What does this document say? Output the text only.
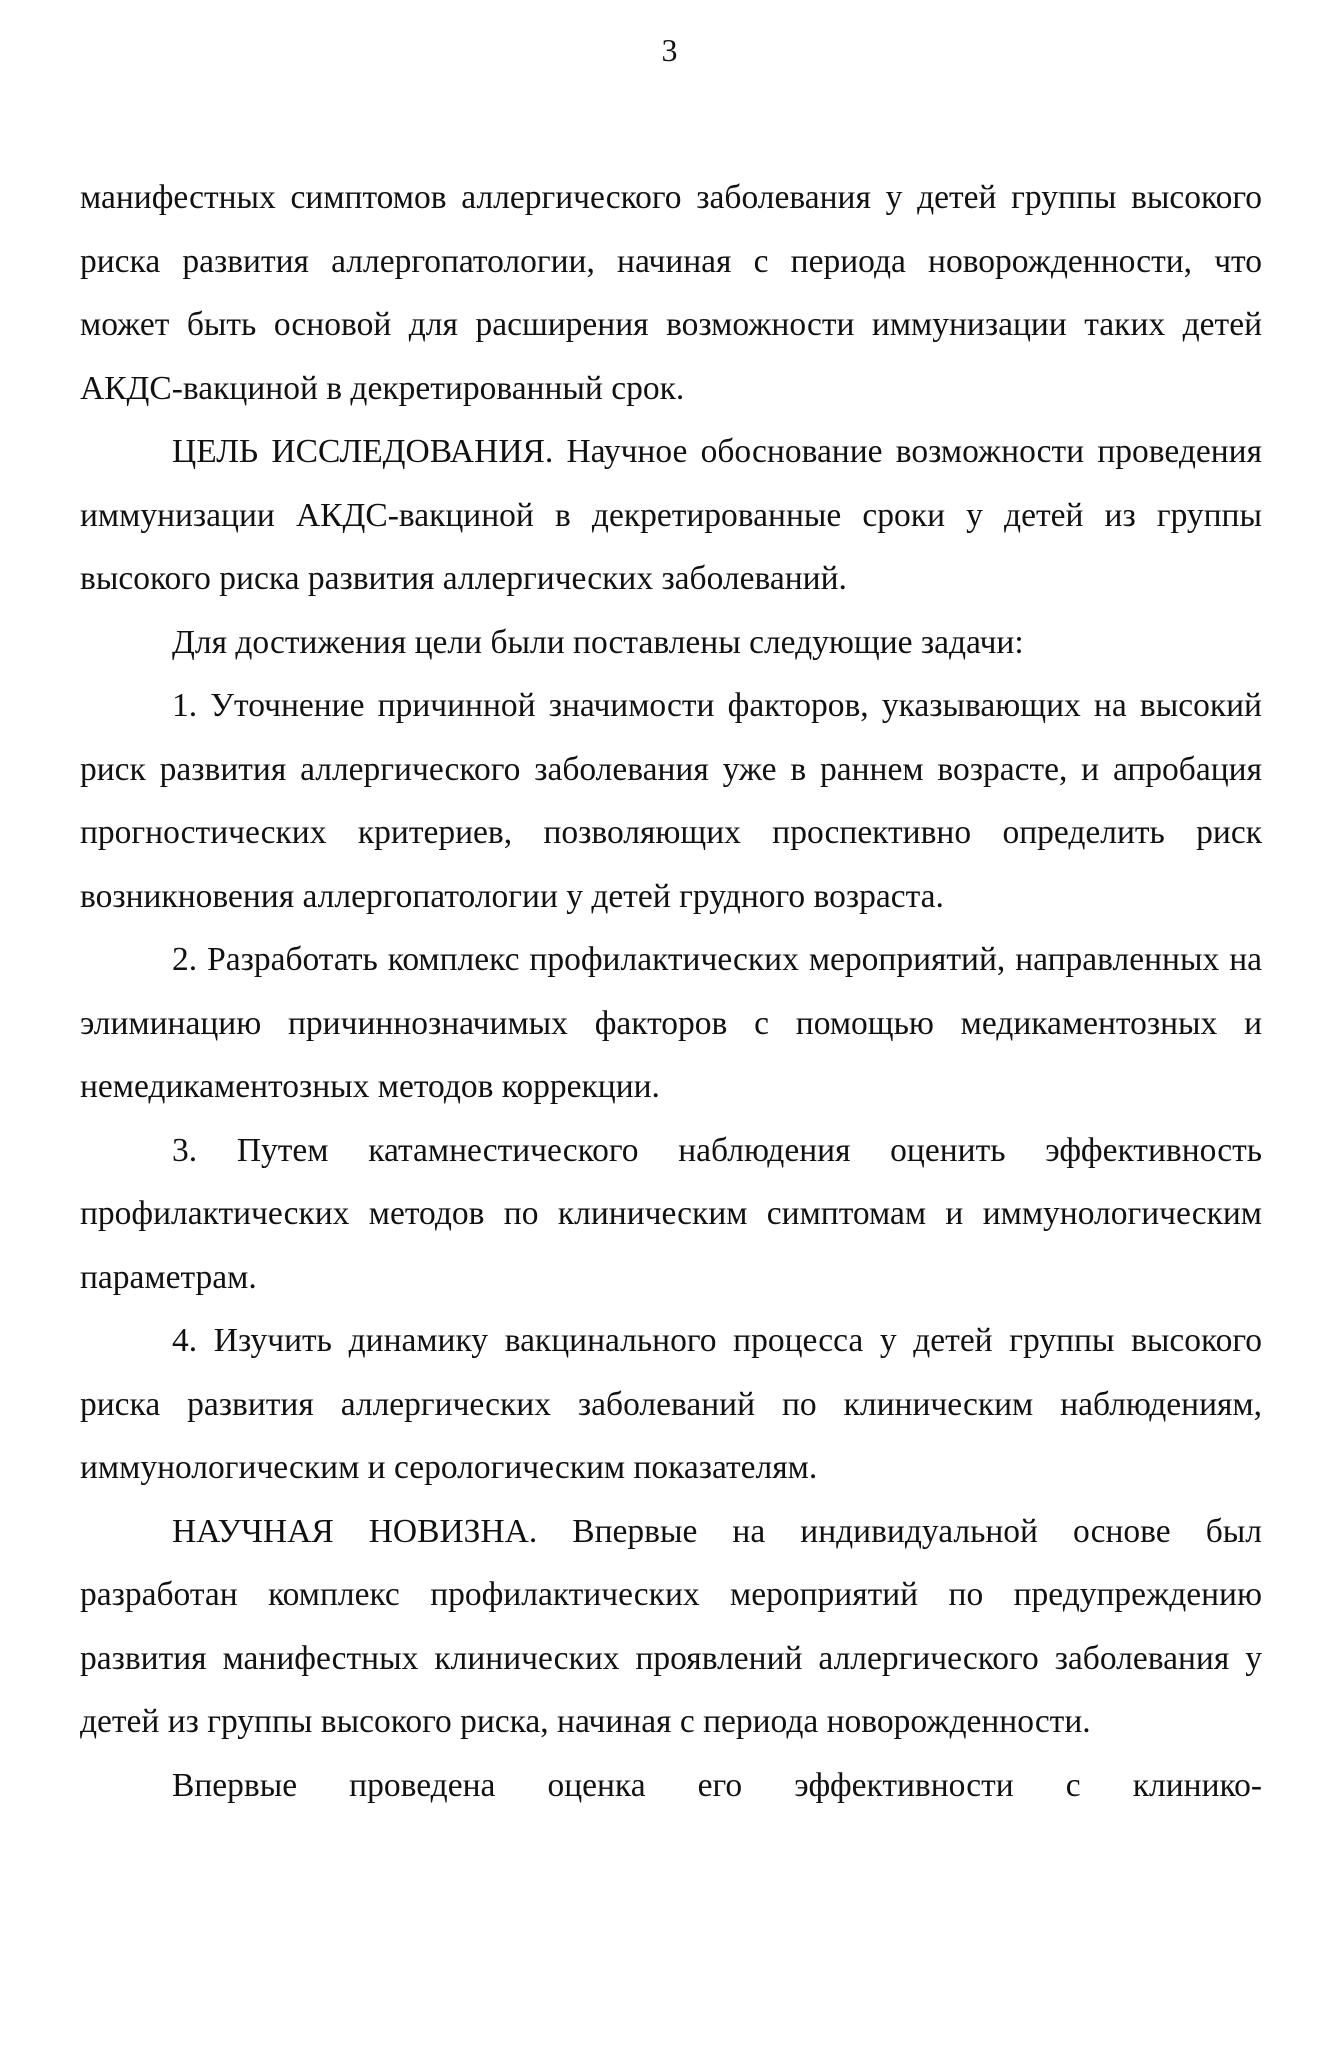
3

манифестных симптомов аллергического заболевания у детей группы высокого риска развития аллергопатологии, начиная с периода новорожденности, что может быть основой для расширения возможности иммунизации таких детей АКДС-вакциной в декретированный срок.

ЦЕЛЬ ИССЛЕДОВАНИЯ. Научное обоснование возможности проведения иммунизации АКДС-вакциной в декретированные сроки у детей из группы высокого риска развития аллергических заболеваний.

Для достижения цели были поставлены следующие задачи:

1. Уточнение причинной значимости факторов, указывающих на высокий риск развития аллергического заболевания уже в раннем возрасте, и апробация прогностических критериев, позволяющих проспективно определить риск возникновения аллергопатологии у детей грудного возраста.

2. Разработать комплекс профилактических мероприятий, направленных на элиминацию причиннозначимых факторов с помощью медикаментозных и немедикаментозных методов коррекции.

3. Путем катамнестического наблюдения оценить эффективность профилактических методов по клиническим симптомам и иммунологическим параметрам.

4. Изучить динамику вакцинального процесса у детей группы высокого риска развития аллергических заболеваний по клиническим наблюдениям, иммунологическим и серологическим показателям.

НАУЧНАЯ НОВИЗНА. Впервые на индивидуальной основе был разработан комплекс профилактических мероприятий по предупреждению развития манифестных клинических проявлений аллергического заболевания у детей из группы высокого риска, начиная с периода новорожденности.

Впервые проведена оценка его эффективности с клинико-
